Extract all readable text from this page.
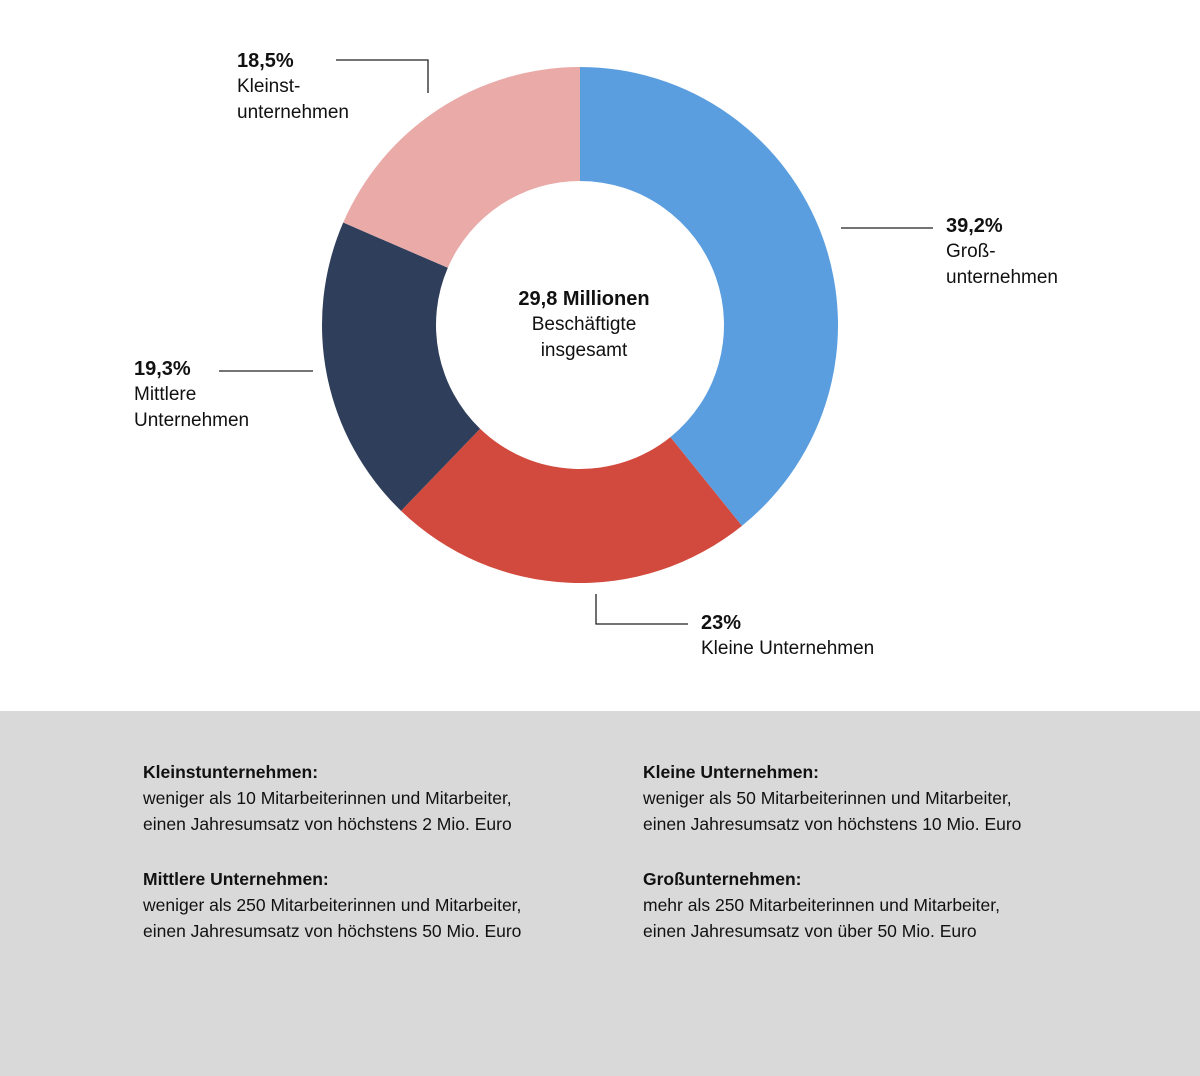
29,8 Millionen
Beschäftigte
insgesamt
39,2%
Groß-
unternehmen
23%
Kleine Unternehmen
19,3%
Mittlere
Unternehmen
18,5%
Kleinst-
unternehmen
Kleinstunternehmen:
weniger als 10 Mitarbeiterinnen und Mitarbeiter,
einen Jahresumsatz von höchstens 2 Mio. Euro
Kleine Unternehmen:
weniger als 50 Mitarbeiterinnen und Mitarbeiter,
einen Jahresumsatz von höchstens 10 Mio. Euro
Mittlere Unternehmen:
weniger als 250 Mitarbeiterinnen und Mitarbeiter,
einen Jahresumsatz von höchstens 50 Mio. Euro
Großunternehmen:
mehr als 250 Mitarbeiterinnen und Mitarbeiter,
einen Jahresumsatz von über 50 Mio. Euro
